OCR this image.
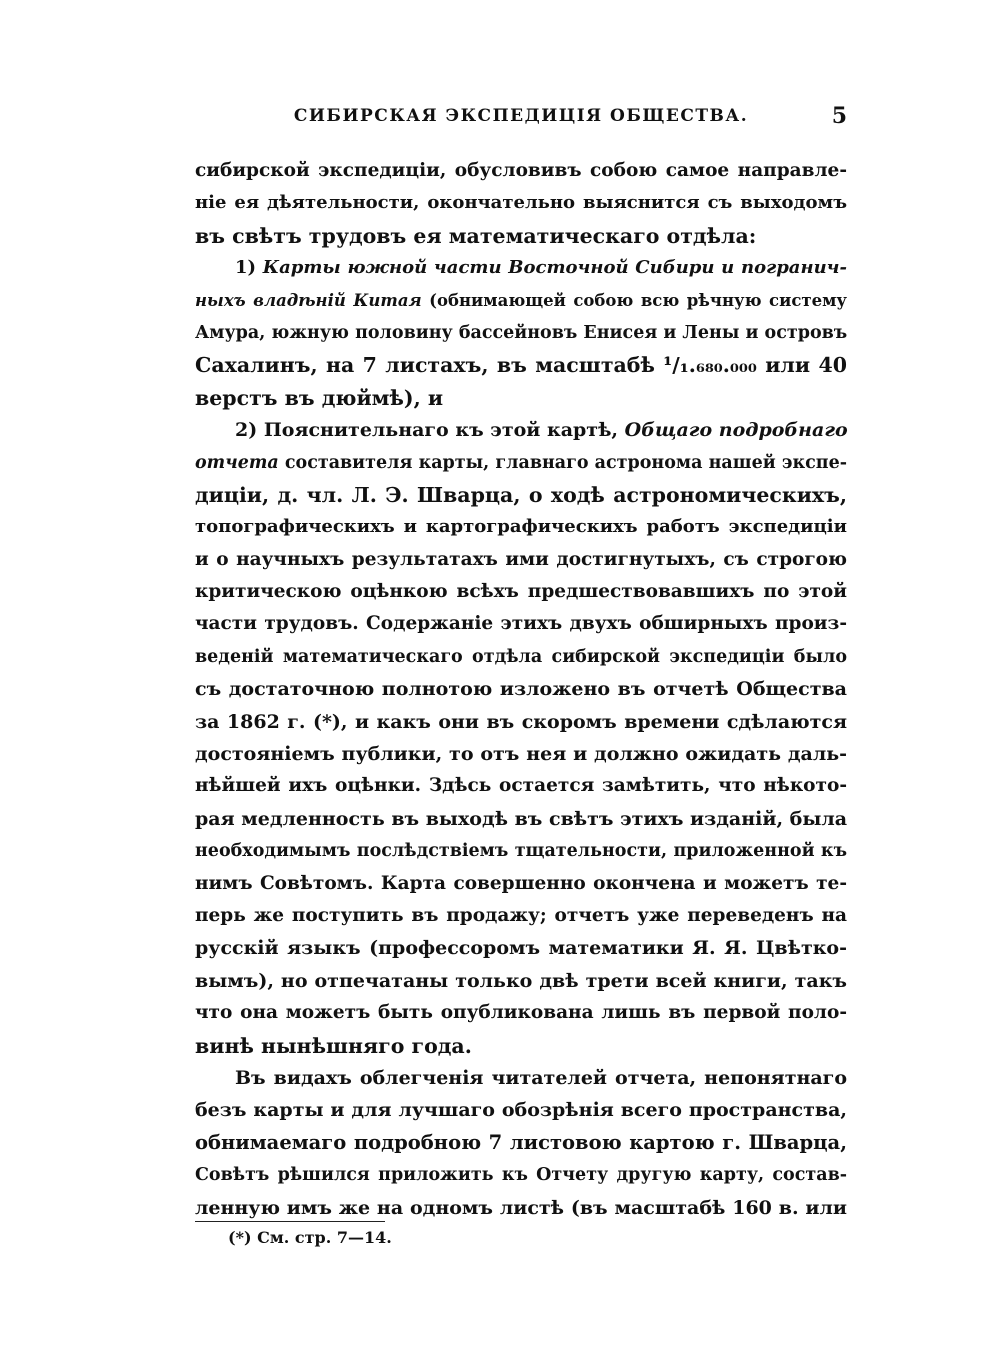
СИБИРСКАЯ ЭКСПЕДИЦІЯ ОБЩЕСТВА.	5
сибирской экспедиціи, обусловивъ собою самое направле-
ніе ея дѣятельности, окончательно выяснится съ выходомъ
въ свѣтъ трудовъ ея математическаго отдѣла:
1) Карты южной части Восточной Сибири и погранич-
ныхъ владѣній Китая (обнимающей собою всю рѣчную систему
Амура, южную половину бассейновъ Енисея и Лены и островъ
Сахалинъ, на 7 листахъ, въ масштабѣ ¹/₁.₆₈₀.₀₀₀ или 40
верстъ въ дюймѣ), и
2) Пояснительнаго къ этой картѣ, Общаго подробнаго
отчета составителя карты, главнаго астронома нашей экспе-
диціи, д. чл. Л. Э. Шварца, о ходѣ астрономическихъ,
топографическихъ и картографическихъ работъ экспедиціи
и о научныхъ результатахъ ими достигнутыхъ, съ строгою
критическою оцѣнкою всѣхъ предшествовавшихъ по этой
части трудовъ. Содержаніе этихъ двухъ обширныхъ произ-
веденій математическаго отдѣла сибирской экспедиціи было
съ достаточною полнотою изложено въ отчетѣ Общества
за 1862 г. (*), и какъ они въ скоромъ времени сдѣлаются
достояніемъ публики, то отъ нея и должно ожидать даль-
нѣйшей ихъ оцѣнки. Здѣсь остается замѣтить, что нѣкото-
рая медленность въ выходѣ въ свѣтъ этихъ изданій, была
необходимымъ послѣдствіемъ тщательности, приложенной къ
нимъ Совѣтомъ. Карта совершенно окончена и можетъ те-
перь же поступить въ продажу; отчетъ уже переведенъ на
русскій языкъ (профессоромъ математики Я. Я. Цвѣтко-
вымъ), но отпечатаны только двѣ трети всей книги, такъ
что она можетъ быть опубликована лишь въ первой поло-
винѣ нынѣшняго года.
Въ видахъ облегченія читателей отчета, непонятнаго
безъ карты и для лучшаго обозрѣнія всего пространства,
обнимаемаго подробною 7 листовою картою г. Шварца,
Совѣтъ рѣшился приложить къ Отчету другую карту, состав-
ленную имъ же на одномъ листѣ (въ масштабѣ 160 в. или
(*) См. стр. 7—14.
